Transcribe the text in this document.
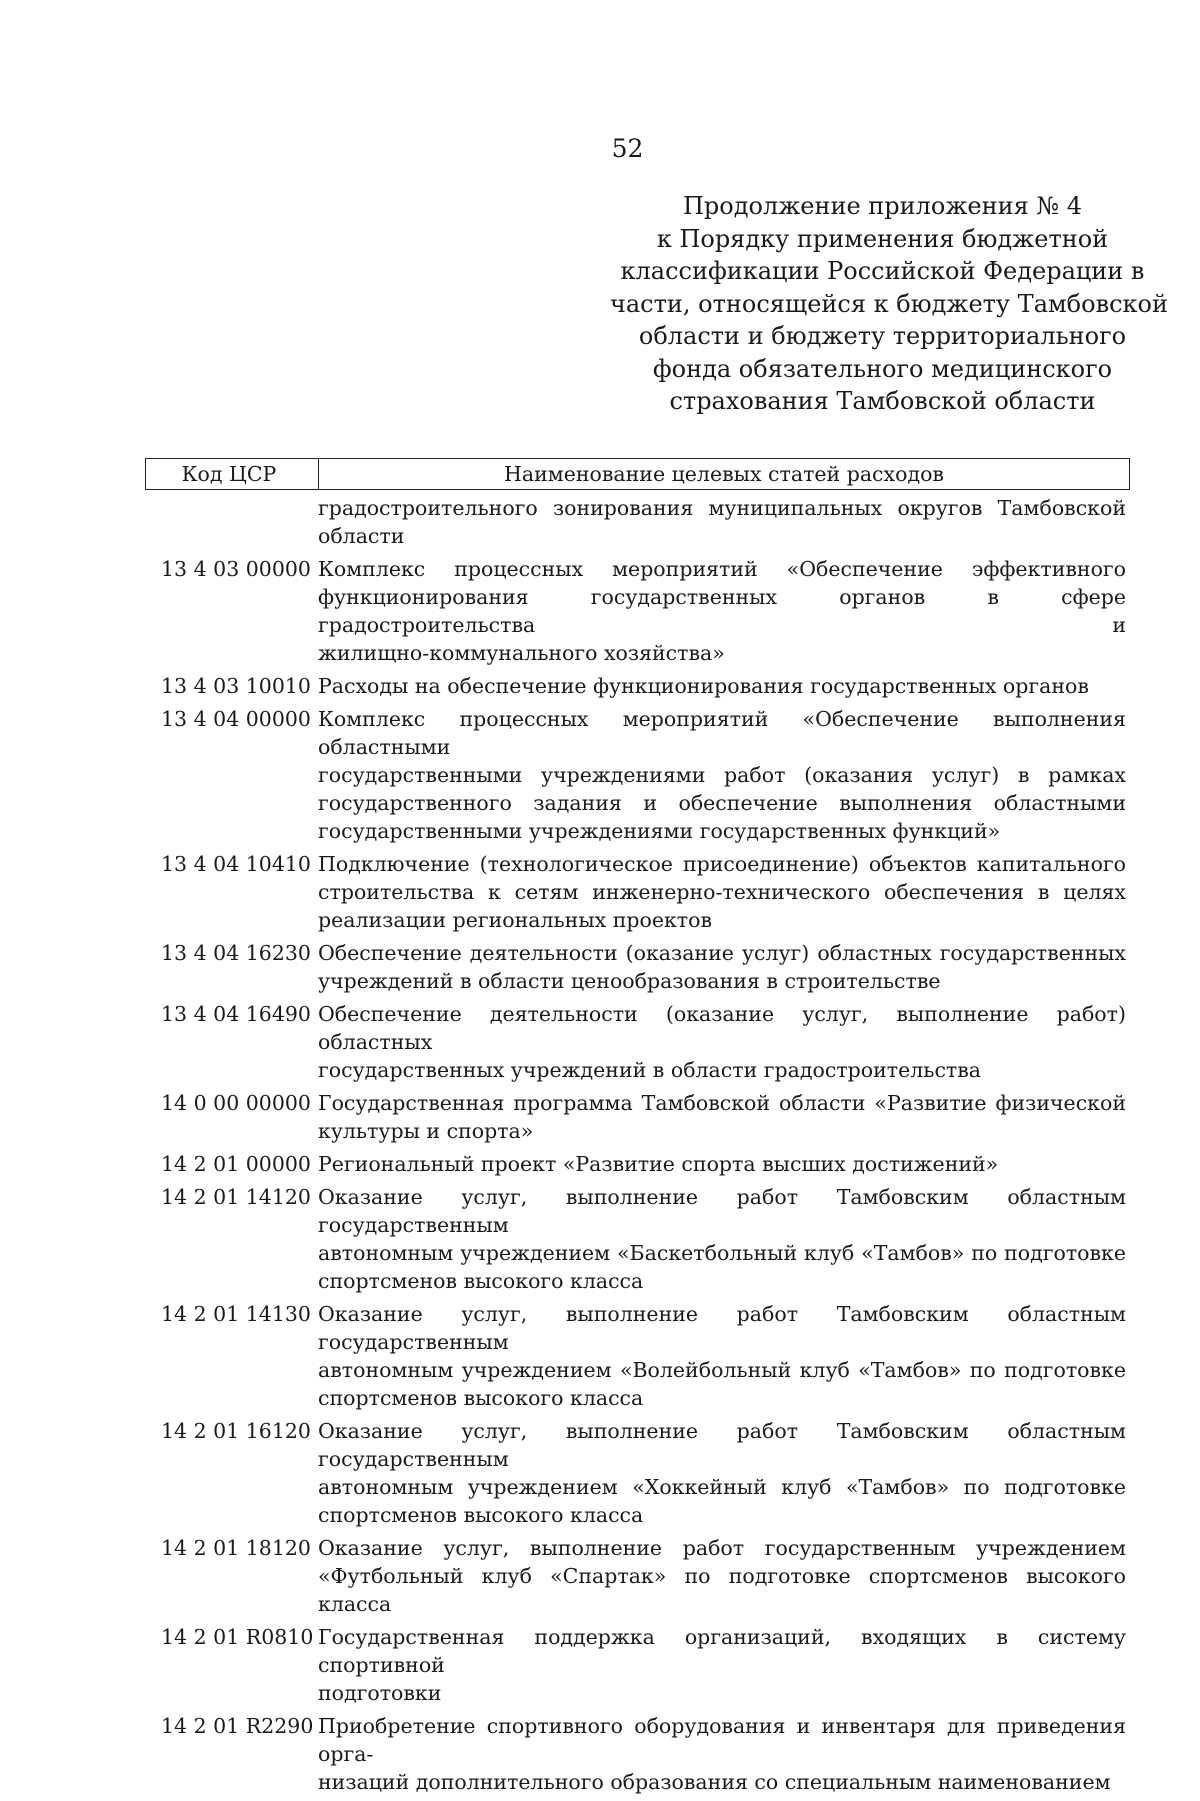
52
Продолжение приложения № 4
к Порядку применения бюджетной
классификации Российской Федерации в
части, относящейся к бюджету Тамбовской
области и бюджету территориального
фонда обязательного медицинского
страхования Тамбовской области
Код ЦСР	Наименование целевых статей расходов
градостроительного зонирования муниципальных округов Тамбовской
области
13 4 03 00000 Комплекс процессных мероприятий «Обеспечение эффективного
функционирования государственных органов в сфере градостроительства и
жилищно-коммунального хозяйства»
13 4 03 10010 Расходы на обеспечение функционирования государственных органов
13 4 04 00000 Комплекс процессных мероприятий «Обеспечение выполнения областными
государственными учреждениями работ (оказания услуг) в рамках
государственного задания и обеспечение выполнения областными
государственными учреждениями государственных функций»
13 4 04 10410 Подключение (технологическое присоединение) объектов капитального
строительства к сетям инженерно-технического обеспечения в целях
реализации региональных проектов
13 4 04 16230 Обеспечение деятельности (оказание услуг) областных государственных
учреждений в области ценообразования в строительстве
13 4 04 16490 Обеспечение деятельности (оказание услуг, выполнение работ) областных
государственных учреждений в области градостроительства
14 0 00 00000 Государственная программа Тамбовской области «Развитие физической
культуры и спорта»
14 2 01 00000 Региональный проект «Развитие спорта высших достижений»
14 2 01 14120 Оказание услуг, выполнение работ Тамбовским областным государственным
автономным учреждением «Баскетбольный клуб «Тамбов» по подготовке
спортсменов высокого класса
14 2 01 14130 Оказание услуг, выполнение работ Тамбовским областным государственным
автономным учреждением «Волейбольный клуб «Тамбов» по подготовке
спортсменов высокого класса
14 2 01 16120 Оказание услуг, выполнение работ Тамбовским областным государственным
автономным учреждением «Хоккейный клуб «Тамбов» по подготовке
спортсменов высокого класса
14 2 01 18120 Оказание услуг, выполнение работ государственным учреждением
«Футбольный клуб «Спартак» по подготовке спортсменов высокого класса
14 2 01 R0810 Государственная поддержка организаций, входящих в систему спортивной
подготовки
14 2 01 R2290 Приобретение спортивного оборудования и инвентаря для приведения орга-
низаций дополнительного образования со специальным наименованием
